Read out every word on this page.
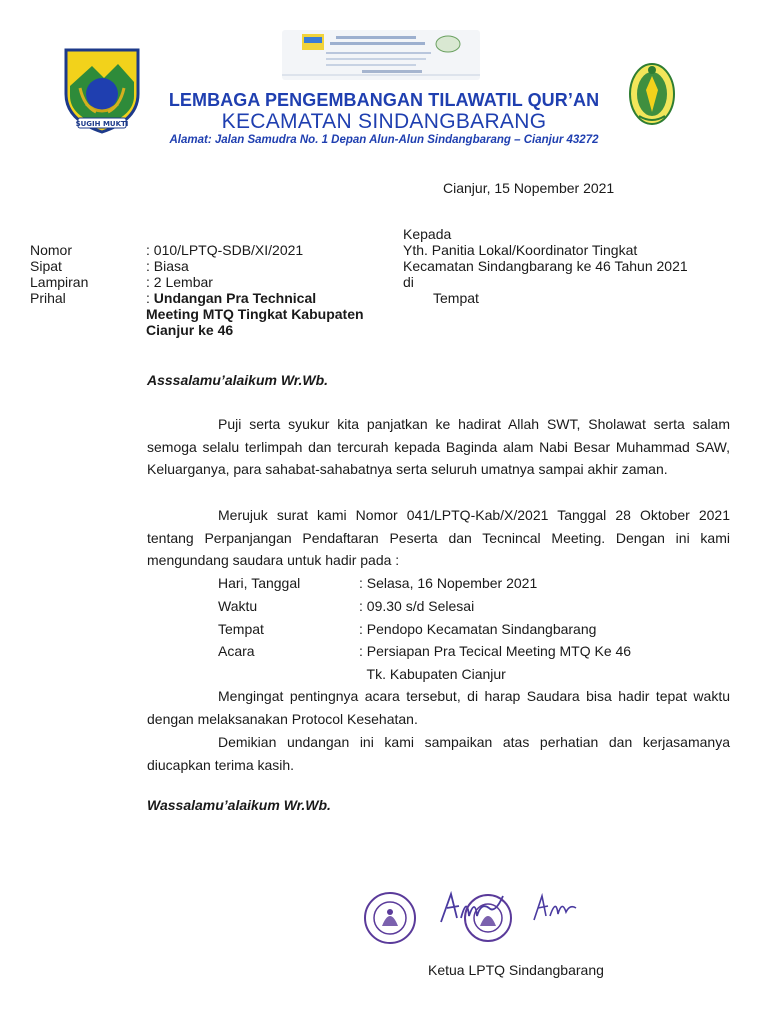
SUGIH MUKTI
LEMBAGA PENGEMBANGAN TILAWATIL QUR’AN
KECAMATAN SINDANGBARANG
Alamat: Jalan Samudra No. 1 Depan Alun-Alun Sindangbarang – Cianjur 43272
Cianjur, 15 Nopember 2021
Nomor	: 010/LPTQ-SDB/XI/2021
Sipat	: Biasa
Lampiran	: 2 Lembar
Prihal	: Undangan Pra Technical
Meeting MTQ Tingkat Kabupaten
Cianjur ke 46
Kepada
Yth. Panitia Lokal/Koordinator Tingkat
Kecamatan Sindangbarang ke 46 Tahun 2021
di
Tempat
Asssalamu’alaikum Wr.Wb.

Puji serta syukur kita panjatkan ke hadirat Allah SWT, Sholawat serta salam semoga selalu terlimpah dan tercurah kepada Baginda alam Nabi Besar Muhammad SAW, Keluarganya, para sahabat-sahabatnya serta seluruh umatnya sampai akhir zaman.

Merujuk surat kami Nomor 041/LPTQ-Kab/X/2021 Tanggal 28 Oktober 2021 tentang Perpanjangan Pendaftaran Peserta dan Tecnincal Meeting. Dengan ini kami mengundang saudara untuk hadir pada :

Hari, Tanggal	: Selasa, 16 Nopember 2021
Waktu	: 09.30 s/d Selesai
Tempat	: Pendopo Kecamatan Sindangbarang
Acara	: Persiapan Pra Tecical Meeting MTQ Ke 46
Tk. Kabupaten Cianjur

Mengingat pentingnya acara tersebut, di harap Saudara bisa hadir tepat waktu dengan melaksanakan Protocol Kesehatan.

Demikian undangan ini kami sampaikan atas perhatian dan kerjasamanya diucapkan terima kasih.

Wassalamu’alaikum Wr.Wb.
Ketua LPTQ Sindangbarang
